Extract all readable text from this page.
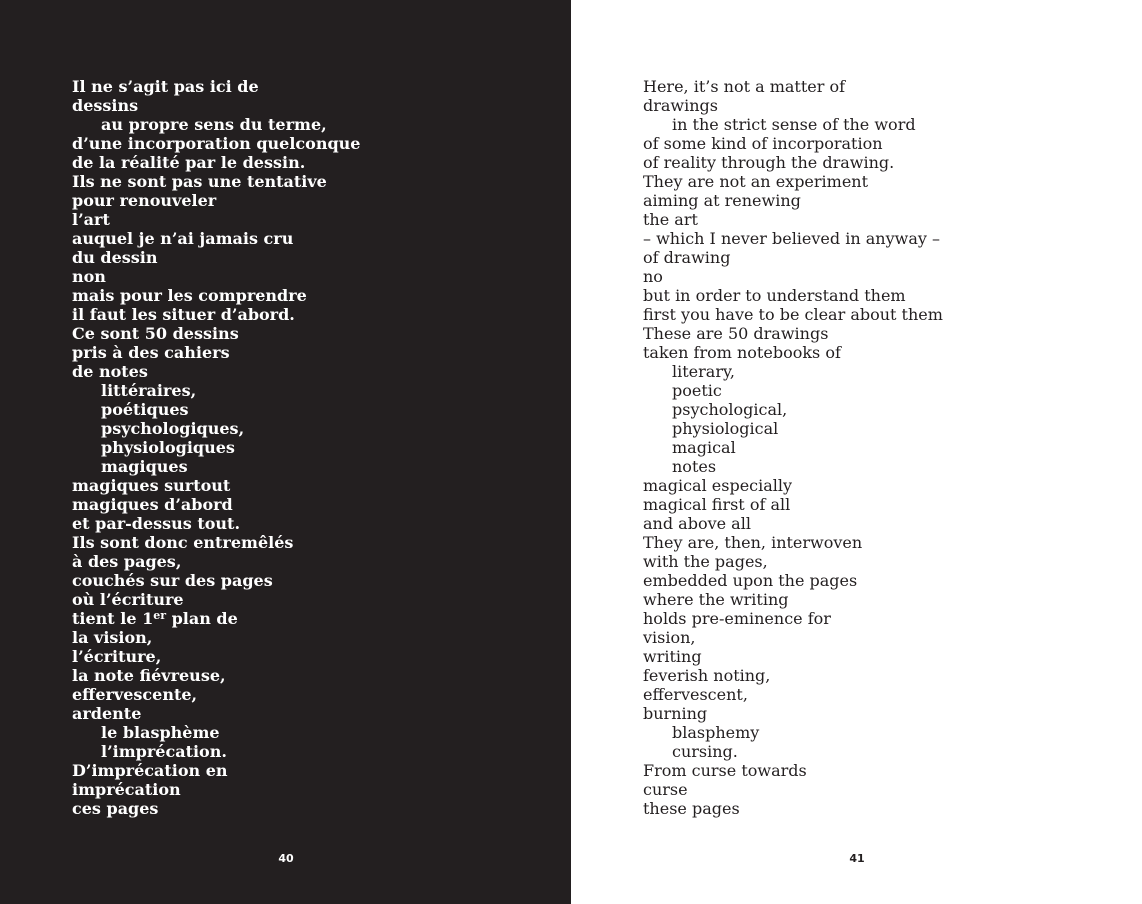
Il ne s’agit pas ici de
dessins
au propre sens du terme,
d’une incorporation quelconque
de la réalité par le dessin.
Ils ne sont pas une tentative
pour renouveler
l’art
auquel je n’ai jamais cru
du dessin
non
mais pour les comprendre
il faut les situer d’abord.
Ce sont 50 dessins
pris à des cahiers
de notes
littéraires,
poétiques
psychologiques,
physiologiques
magiques
magiques surtout
magiques d’abord
et par-dessus tout.
Ils sont donc entremêlés
à des pages,
couchés sur des pages
où l’écriture
tient le 1er plan de
la vision,
l’écriture,
la note fiévreuse,
effervescente,
ardente
le blasphème
l’imprécation.
D’imprécation en
imprécation
ces pages
40
Here, it’s not a matter of
drawings
in the strict sense of the word
of some kind of incorporation
of reality through the drawing.
They are not an experiment
aiming at renewing
the art
– which I never believed in anyway –
of drawing
no
but in order to understand them
first you have to be clear about them
These are 50 drawings
taken from notebooks of
literary,
poetic
psychological,
physiological
magical
notes
magical especially
magical first of all
and above all
They are, then, interwoven
with the pages,
embedded upon the pages
where the writing
holds pre-eminence for
vision,
writing
feverish noting,
effervescent,
burning
blasphemy
cursing.
From curse towards
curse
these pages
41
